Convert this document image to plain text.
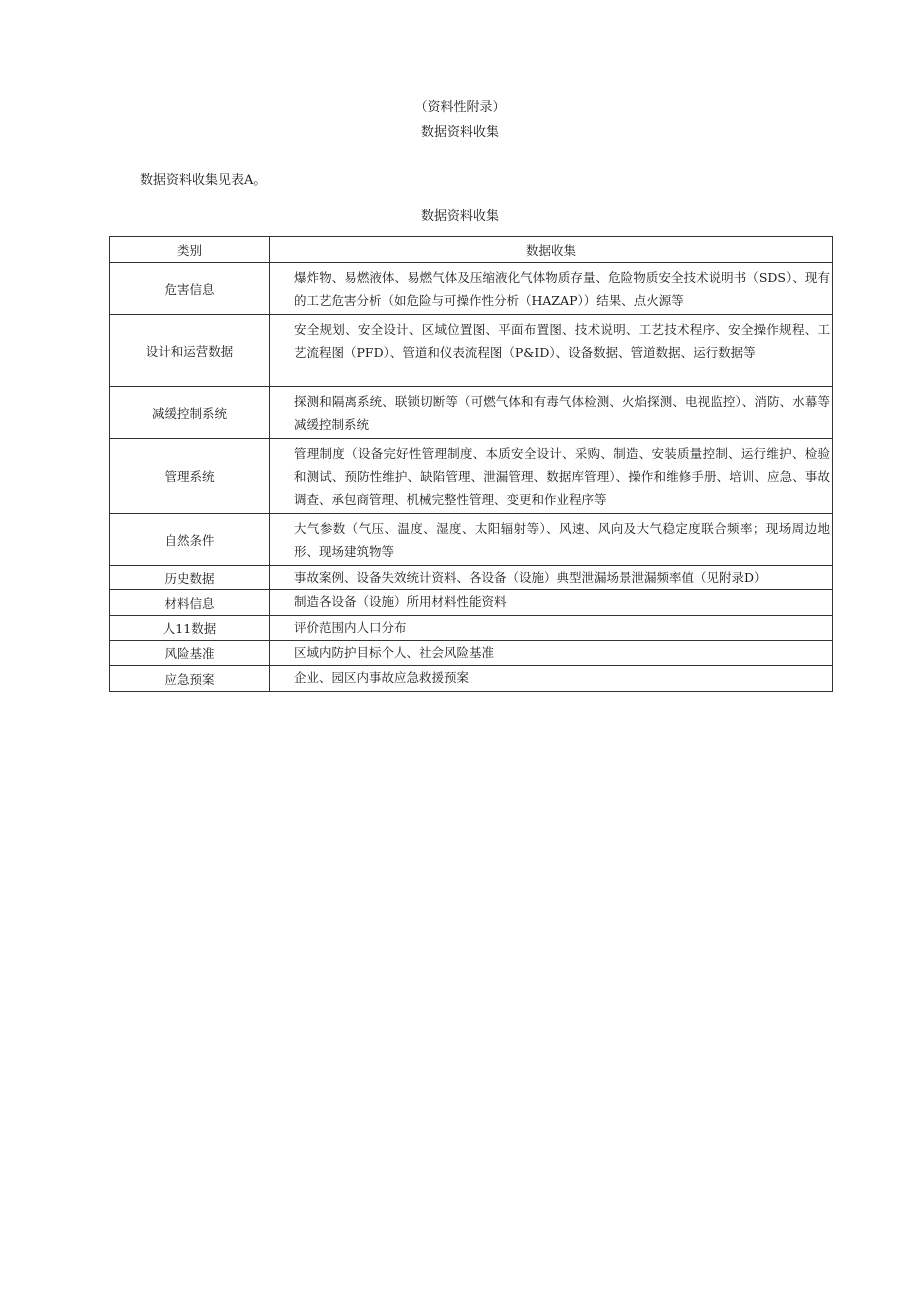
（资料性附录）
数据资料收集
数据资料收集见表A。
数据资料收集
类别	数据收集
危害信息	爆炸物、易燃液体、易燃气体及压缩液化气体物质存量、危险物质安全技术说明书（SDS）、现有的工艺危害分析（如危险与可操作性分析（HAZAP））结果、点火源等
设计和运营数据	安全规划、安全设计、区域位置图、平面布置图、技术说明、工艺技术程序、安全操作规程、工艺流程图（PFD）、管道和仪表流程图（P&ID）、设备数据、管道数据、运行数据等
减缓控制系统	探测和隔离系统、联锁切断等（可燃气体和有毒气体检测、火焰探测、电视监控）、消防、水幕等减缓控制系统
管理系统	管理制度（设备完好性管理制度、本质安全设计、采购、制造、安装质量控制、运行维护、检验和测试、预防性维护、缺陷管理、泄漏管理、数据库管理）、操作和维修手册、培训、应急、事故调查、承包商管理、机械完整性管理、变更和作业程序等
自然条件	大气参数（气压、温度、湿度、太阳辐射等）、风速、风向及大气稳定度联合频率；现场周边地形、现场建筑物等
历史数据	事故案例、设备失效统计资料、各设备（设施）典型泄漏场景泄漏频率值（见附录D）
材料信息	制造各设备（设施）所用材料性能资料
人11数据	评价范围内人口分布
风险基准	区域内防护目标个人、社会风险基准
应急预案	企业、园区内事故应急救援预案
